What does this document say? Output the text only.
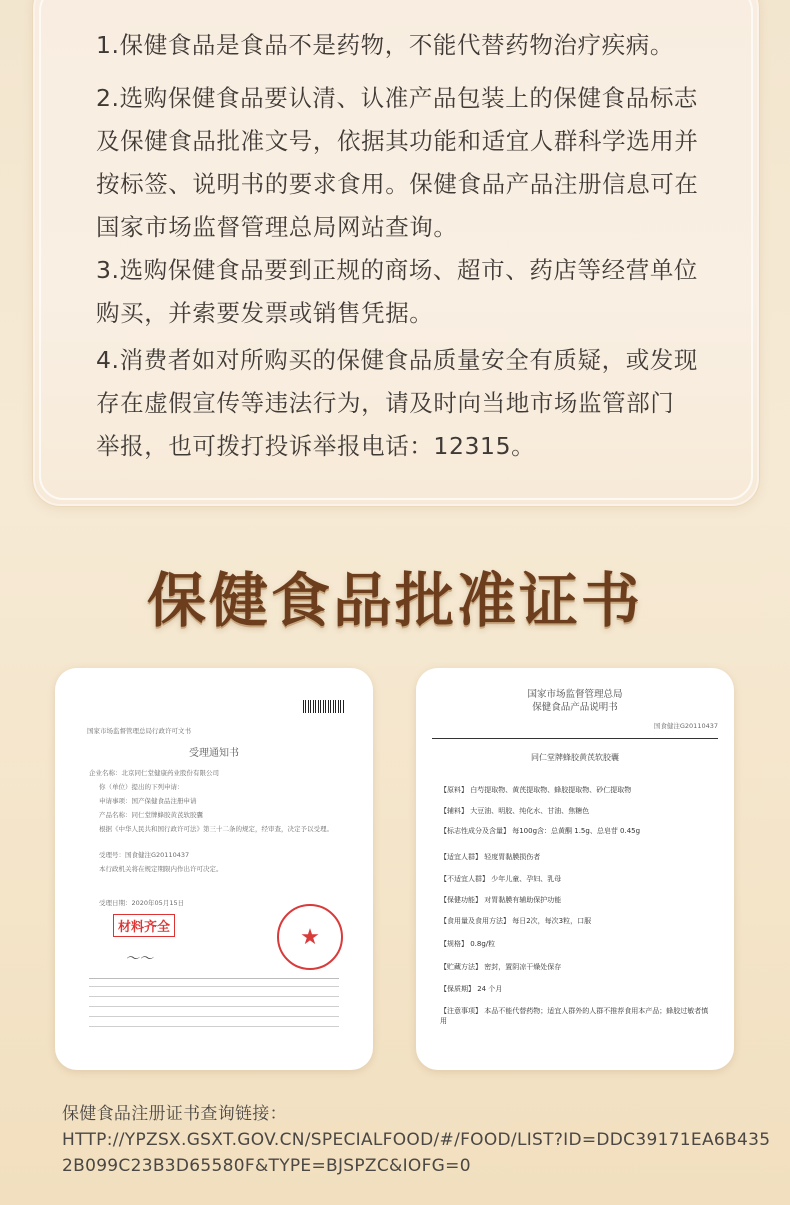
1.保健食品是食品不是药物，不能代替药物治疗疾病。
2.选购保健食品要认清、认准产品包装上的保健食品标志
及保健食品批准文号，依据其功能和适宜人群科学选用并
按标签、说明书的要求食用。保健食品产品注册信息可在
国家市场监督管理总局网站查询。
3.选购保健食品要到正规的商场、超市、药店等经营单位
购买，并索要发票或销售凭据。
4.消费者如对所购买的保健食品质量安全有质疑，或发现
存在虚假宣传等违法行为，请及时向当地市场监管部门
举报，也可拨打投诉举报电话：12315。
保健食品批准证书
国家市场监督管理总局行政许可文书
受理通知书
企业名称：北京同仁堂健康药业股份有限公司
你（单位）提出的下列申请：
申请事项：国产保健食品注册申请
产品名称：同仁堂牌蜂胶黄芪软胶囊
根据《中华人民共和国行政许可法》第三十二条的规定，经审查，决定予以受理。
受理号：国食健注G20110437
本行政机关将在规定期限内作出许可决定。
受理日期：2020年05月15日
材料齐全	★
〜〜
国家市场监督管理总局
保健食品产品说明书
国食健注G20110437
同仁堂牌蜂胶黄芪软胶囊
【原料】 白芍提取物、黄芪提取物、蜂胶提取物、砂仁提取物
【辅料】 大豆油、明胶、纯化水、甘油、焦糖色
【标志性成分及含量】 每100g含：总黄酮 1.5g、总皂苷 0.45g
【适宜人群】 轻度胃黏膜损伤者
【不适宜人群】 少年儿童、孕妇、乳母
【保健功能】 对胃黏膜有辅助保护功能
【食用量及食用方法】 每日2次，每次3粒，口服
【规格】 0.8g/粒
【贮藏方法】 密封，置阴凉干燥处保存
【保质期】 24 个月
【注意事项】 本品不能代替药物；适宜人群外的人群不推荐食用本产品；蜂胶过敏者慎用
保健食品注册证书查询链接：
HTTP://YPZSX.GSXT.GOV.CN/SPECIALFOOD/#/FOOD/LIST?ID=DDC39171EA6B435
2B099C23B3D65580F&TYPE=BJSPZC&IOFG=0
